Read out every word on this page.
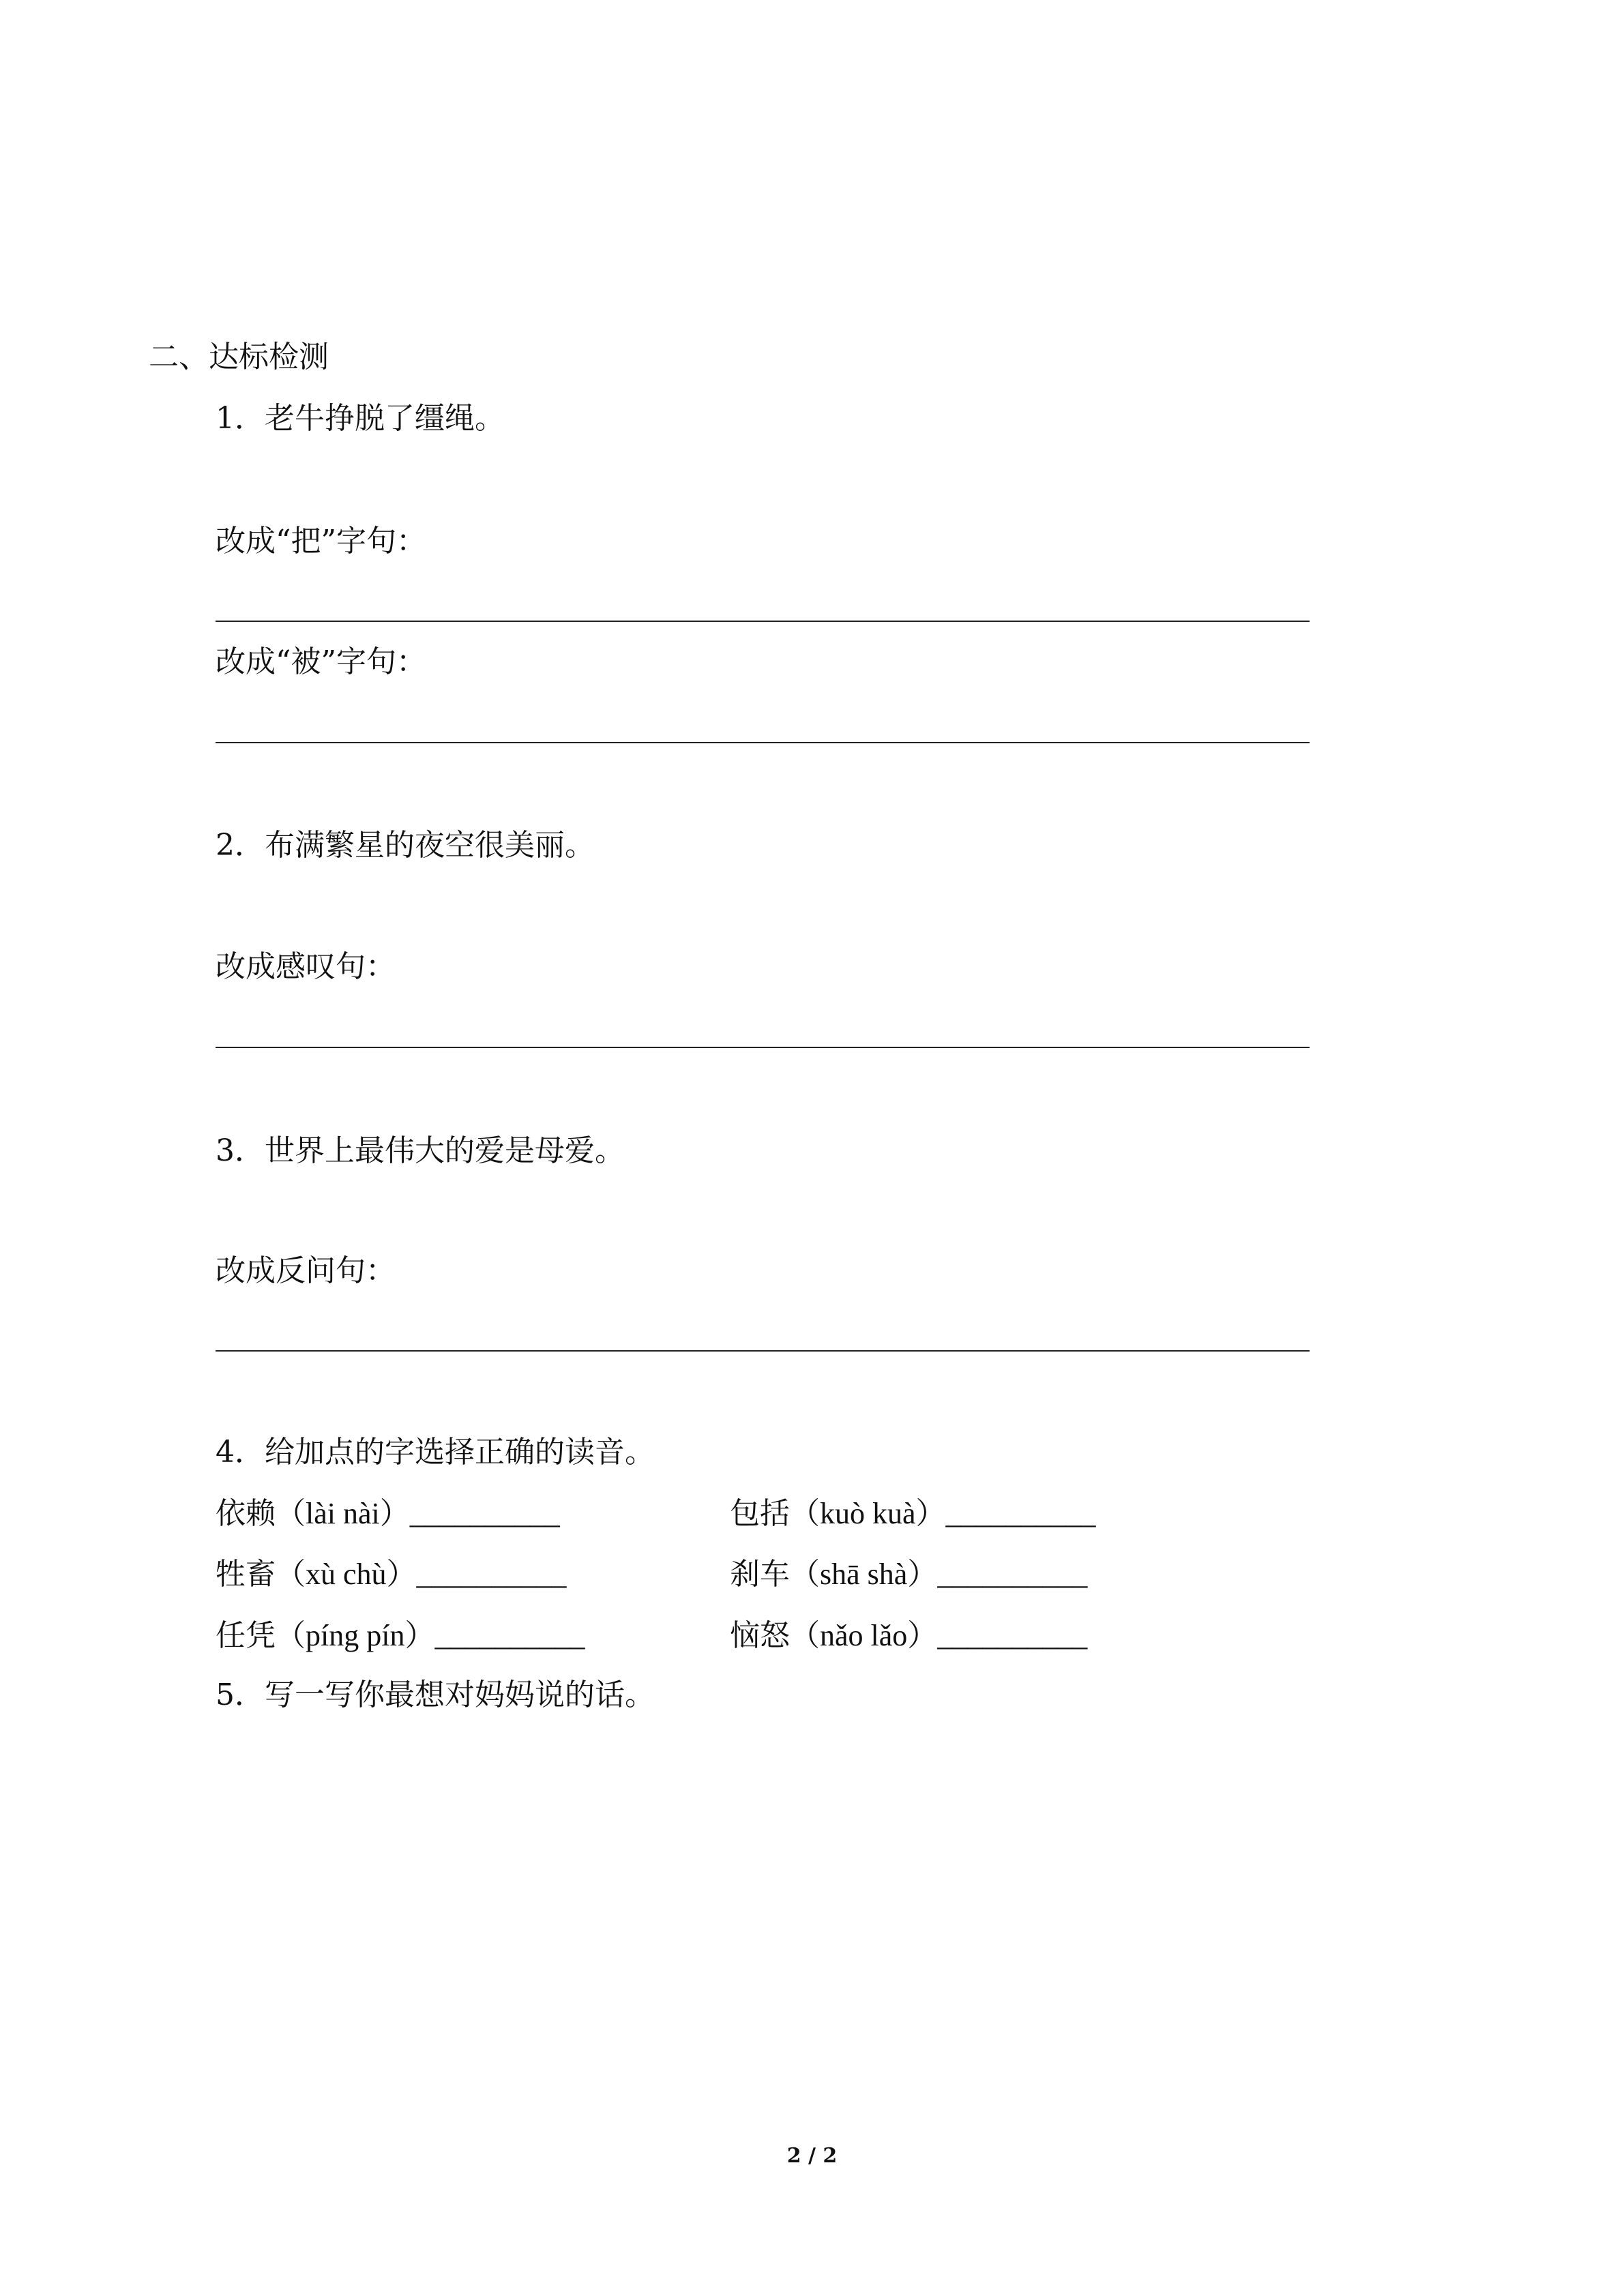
二、达标检测
1．老牛挣脱了缰绳。
改成“把”字句：
改成“被”字句：
2．布满繁星的夜空很美丽。
改成感叹句：
3．世界上最伟大的爱是母爱。
改成反问句：
4．给加点的字选择正确的读音。
依赖（lài nài）__________	包括（kuò kuà）__________
牲畜（xù chù）__________	刹车（shā shà）__________
任凭（píng pín）__________	恼怒（nǎo lǎo）__________
5．写一写你最想对妈妈说的话。
2 / 2
